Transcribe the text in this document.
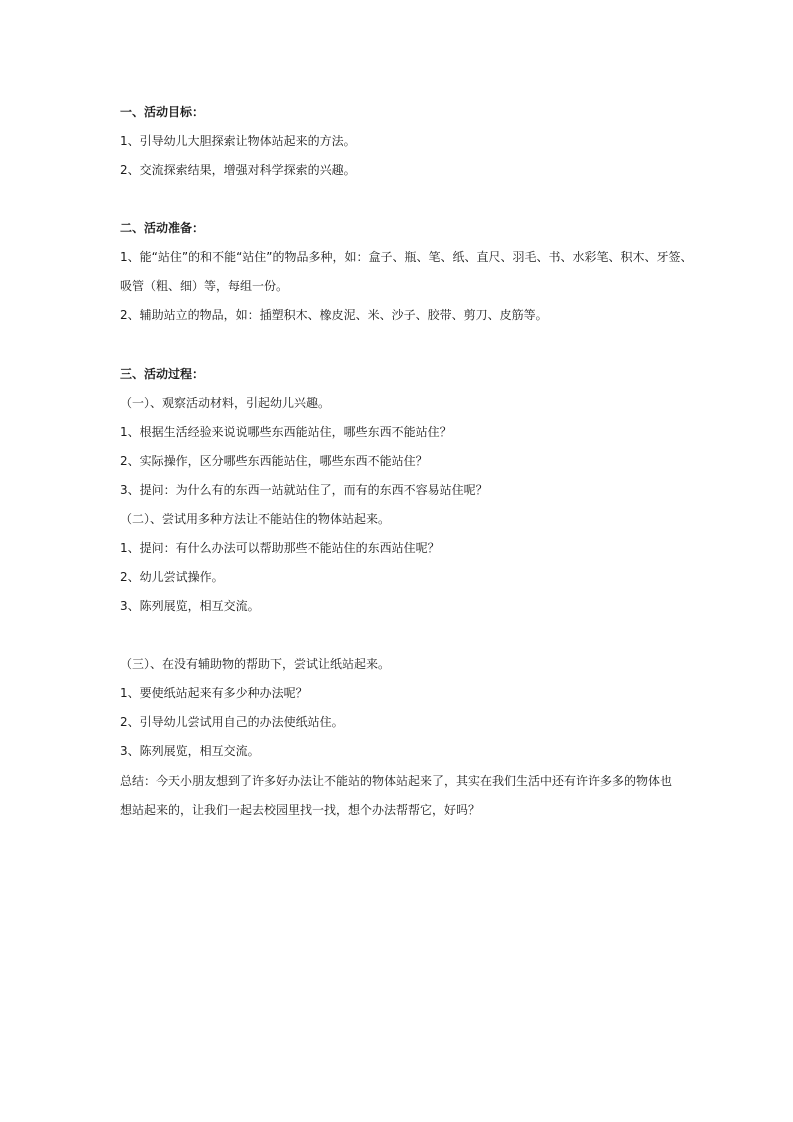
一、活动目标：
1、引导幼儿大胆探索让物体站起来的方法。
2、交流探索结果，增强对科学探索的兴趣。
二、活动准备：
1、能“站住”的和不能“站住”的物品多种，如：盒子、瓶、笔、纸、直尺、羽毛、书、水彩笔、积木、牙签、
吸管（粗、细）等，每组一份。
2、辅助站立的物品，如：插塑积木、橡皮泥、米、沙子、胶带、剪刀、皮筋等。
三、活动过程：
（一）、观察活动材料，引起幼儿兴趣。
1、根据生活经验来说说哪些东西能站住，哪些东西不能站住？
2、实际操作，区分哪些东西能站住，哪些东西不能站住？
3、提问：为什么有的东西一站就站住了，而有的东西不容易站住呢？
（二）、尝试用多种方法让不能站住的物体站起来。
1、提问：有什么办法可以帮助那些不能站住的东西站住呢？
2、幼儿尝试操作。
3、陈列展览，相互交流。
（三）、在没有辅助物的帮助下，尝试让纸站起来。
1、要使纸站起来有多少种办法呢？
2、引导幼儿尝试用自己的办法使纸站住。
3、陈列展览，相互交流。
总结：今天小朋友想到了许多好办法让不能站的物体站起来了，其实在我们生活中还有许许多多的物体也
想站起来的，让我们一起去校园里找一找，想个办法帮帮它，好吗？
